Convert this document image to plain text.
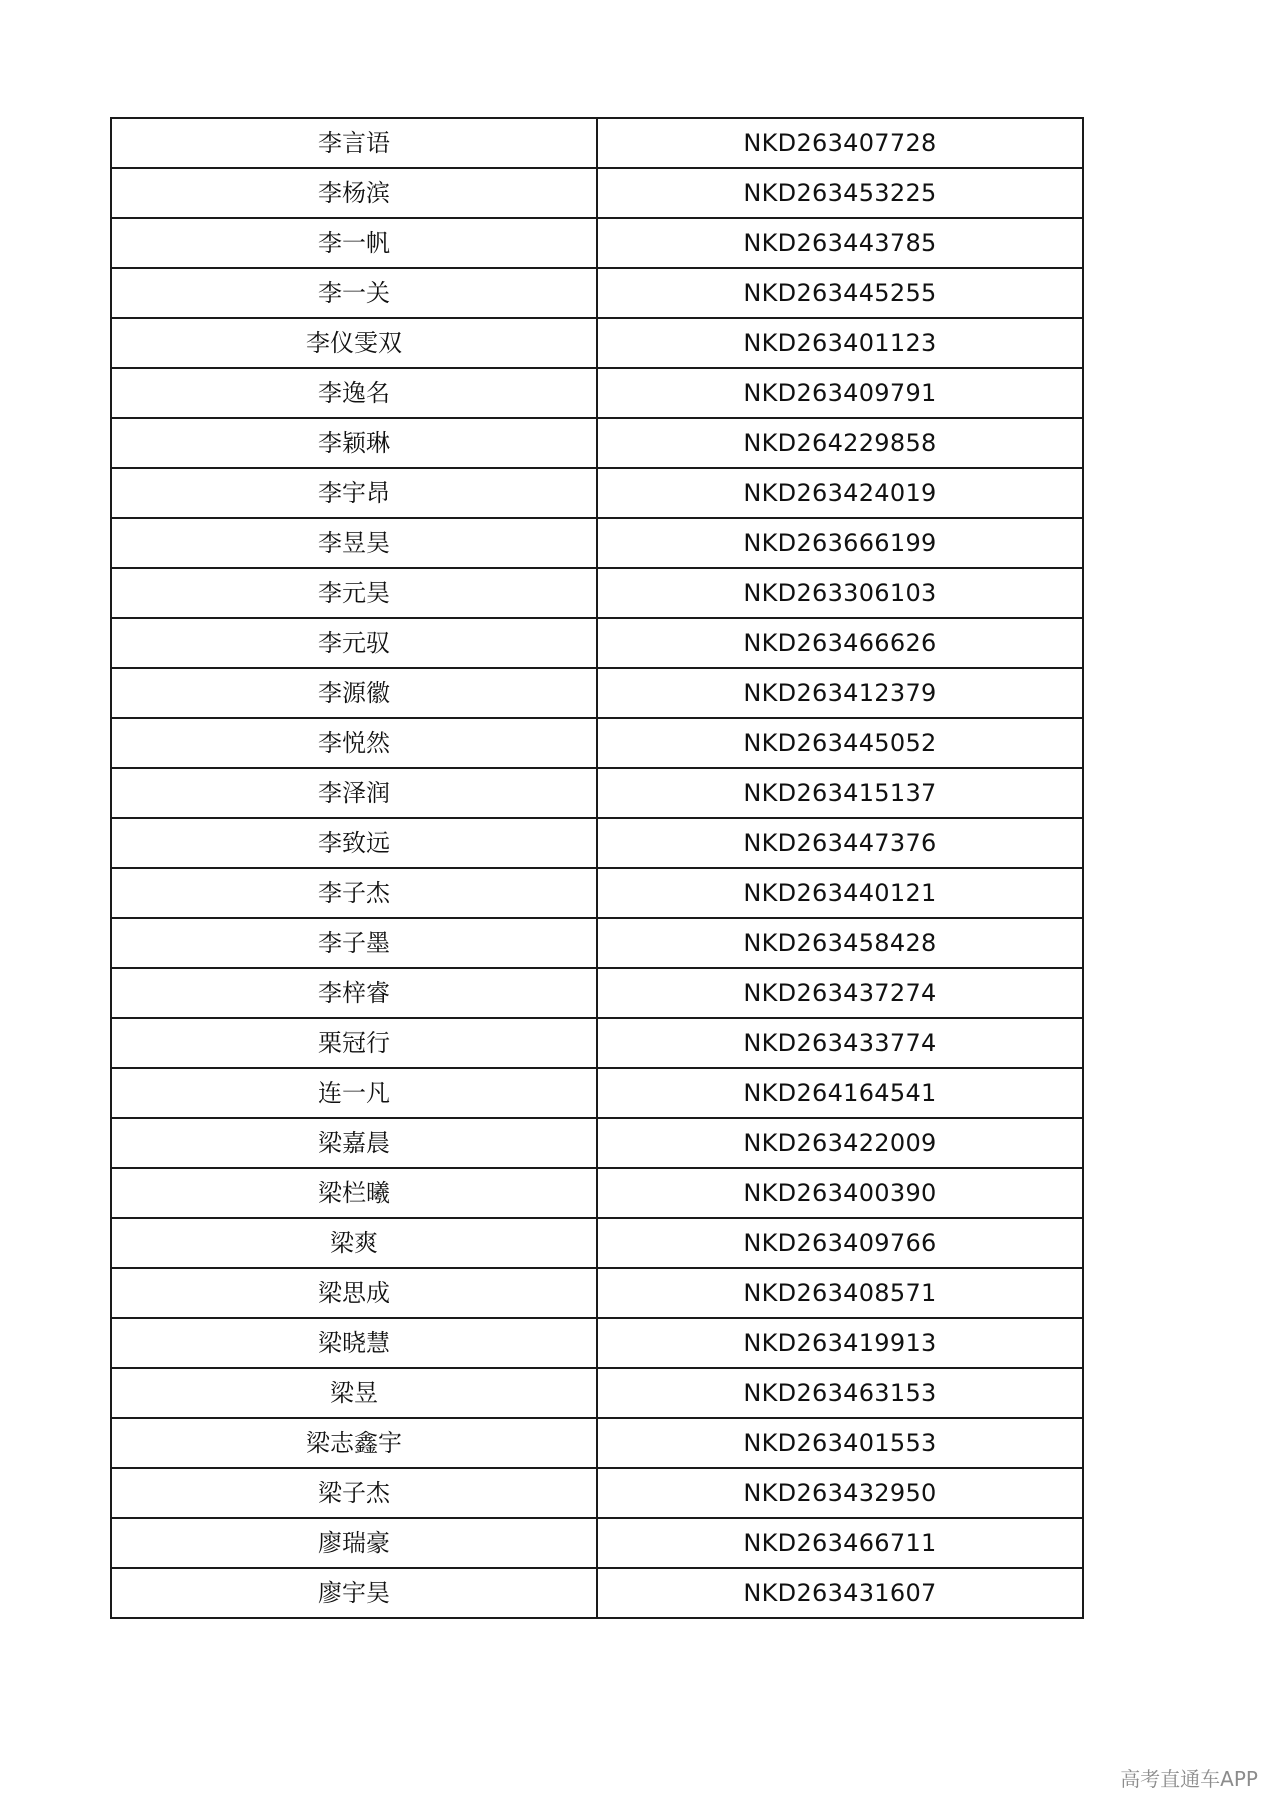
李言语	NKD263407728
李杨滨	NKD263453225
李一帆	NKD263443785
李一关	NKD263445255
李仪雯双	NKD263401123
李逸名	NKD263409791
李颖琳	NKD264229858
李宇昂	NKD263424019
李昱昊	NKD263666199
李元昊	NKD263306103
李元驭	NKD263466626
李源徽	NKD263412379
李悦然	NKD263445052
李泽润	NKD263415137
李致远	NKD263447376
李子杰	NKD263440121
李子墨	NKD263458428
李梓睿	NKD263437274
栗冠行	NKD263433774
连一凡	NKD264164541
梁嘉晨	NKD263422009
梁栏曦	NKD263400390
梁爽	NKD263409766
梁思成	NKD263408571
梁晓慧	NKD263419913
梁昱	NKD263463153
梁志鑫宇	NKD263401553
梁子杰	NKD263432950
廖瑞豪	NKD263466711
廖宇昊	NKD263431607
高考直通车APP
